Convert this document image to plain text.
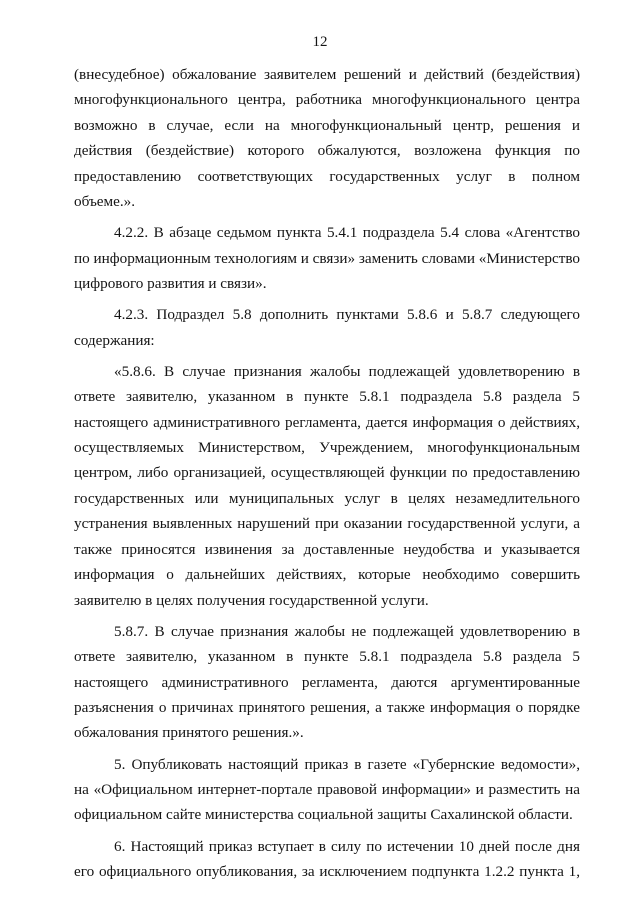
12

(внесудебное) обжалование заявителем решений и действий (бездействия) многофункционального центра, работника многофункционального центра возможно в случае, если на многофункциональный центр, решения и действия (бездействие) которого обжалуются, возложена функция по предоставлению соответствующих государственных услуг в полном объеме.».

4.2.2. В абзаце седьмом пункта 5.4.1 подраздела 5.4 слова «Агентство по информационным технологиям и связи» заменить словами «Министерство цифрового развития и связи».

4.2.3. Подраздел 5.8 дополнить пунктами 5.8.6 и 5.8.7 следующего содержания:

«5.8.6. В случае признания жалобы подлежащей удовлетворению в ответе заявителю, указанном в пункте 5.8.1 подраздела 5.8 раздела 5 настоящего административного регламента, дается информация о действиях, осуществляемых Министерством, Учреждением, многофункциональным центром, либо организацией, осуществляющей функции по предоставлению государственных или муниципальных услуг в целях незамедлительного устранения выявленных нарушений при оказании государственной услуги, а также приносятся извинения за доставленные неудобства и указывается информация о дальнейших действиях, которые необходимо совершить заявителю в целях получения государственной услуги.

5.8.7. В случае признания жалобы не подлежащей удовлетворению в ответе заявителю, указанном в пункте 5.8.1 подраздела 5.8 раздела 5 настоящего административного регламента, даются аргументированные разъяснения о причинах принятого решения, а также информация о порядке обжалования принятого решения.».

5. Опубликовать настоящий приказ в газете «Губернские ведомости», на «Официальном интернет-портале правовой информации» и разместить на официальном сайте министерства социальной защиты Сахалинской области.

6. Настоящий приказ вступает в силу по истечении 10 дней после дня его официального опубликования, за исключением подпункта 1.2.2 пункта 1,
